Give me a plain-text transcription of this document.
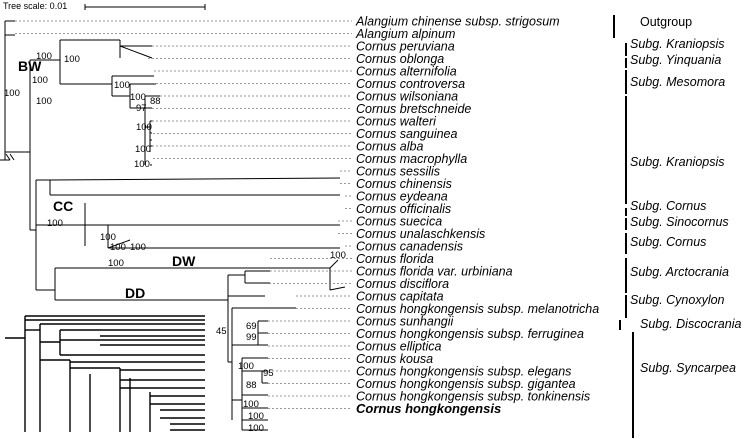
Tree scale: 0.01
Alangium chinense subsp. strigosum
Alangium alpinum
Cornus peruviana
Cornus oblonga
Cornus alternifolia
Cornus controversa
Cornus wilsoniana
Cornus bretschneide
Cornus walteri
Cornus sanguinea
Cornus alba
Cornus macrophylla
Cornus sessilis
Cornus chinensis
Cornus eydeana
Cornus officinalis
Cornus suecica
Cornus unalaschkensis
Cornus canadensis
Cornus florida
Cornus florida var. urbiniana
Cornus disciflora
Cornus capitata
Cornus hongkongensis subsp. melanotricha
Cornus sunhangii
Cornus hongkongensis subsp. ferruginea
Cornus elliptica
Cornus kousa
Cornus hongkongensis subsp. elegans
Cornus hongkongensis subsp. gigantea
Cornus hongkongensis subsp. tonkinensis
Cornus hongkongensis
100
100
100 100
100
100
100 88
97
100
100
100
100
100
100 100
100
100
45 69
99
100
95
88
100
100
100
BW
CC
DW
DD
Outgroup
Subg. Kraniopsis
Subg. Yinquania
Subg. Mesomora
Subg. Kraniopsis
Subg. Cornus
Subg. Sinocornus
Subg. Cornus
Subg. Arctocrania
Subg. Cynoxylon
Subg. Discocrania
Subg. Syncarpea
